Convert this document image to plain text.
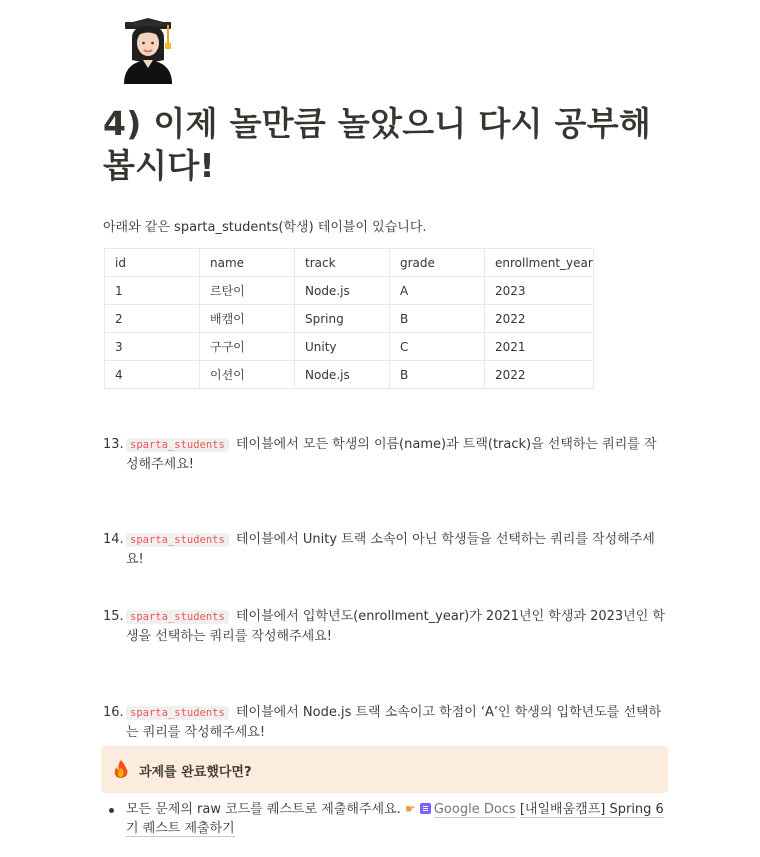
4) 이제 놀만큼 놀았으니 다시 공부해봅시다!
아래와 같은 sparta_students(학생) 테이블이 있습니다.
id	name	track	grade	enrollment_year
1	르탄이	Node.js	A	2023
2	배캠이	Spring	B	2022
3	구구이	Unity	C	2021
4	이션이	Node.js	B	2022
13. sparta_students 테이블에서 모든 학생의 이름(name)과 트랙(track)을 선택하는 쿼리를 작성해주세요!
14. sparta_students 테이블에서 Unity 트랙 소속이 아닌 학생들을 선택하는 쿼리를 작성해주세요!
15. sparta_students 테이블에서 입학년도(enrollment_year)가 2021년인 학생과 2023년인 학생을 선택하는 쿼리를 작성해주세요!
16. sparta_students 테이블에서 Node.js 트랙 소속이고 학점이 ‘A’인 학생의 입학년도를 선택하는 쿼리를 작성해주세요!
과제를 완료했다면?
모든 문제의 raw 코드를 퀘스트로 제출해주세요. ☛ Google Docs [내일배움캠프] Spring 6기 퀘스트 제출하기
